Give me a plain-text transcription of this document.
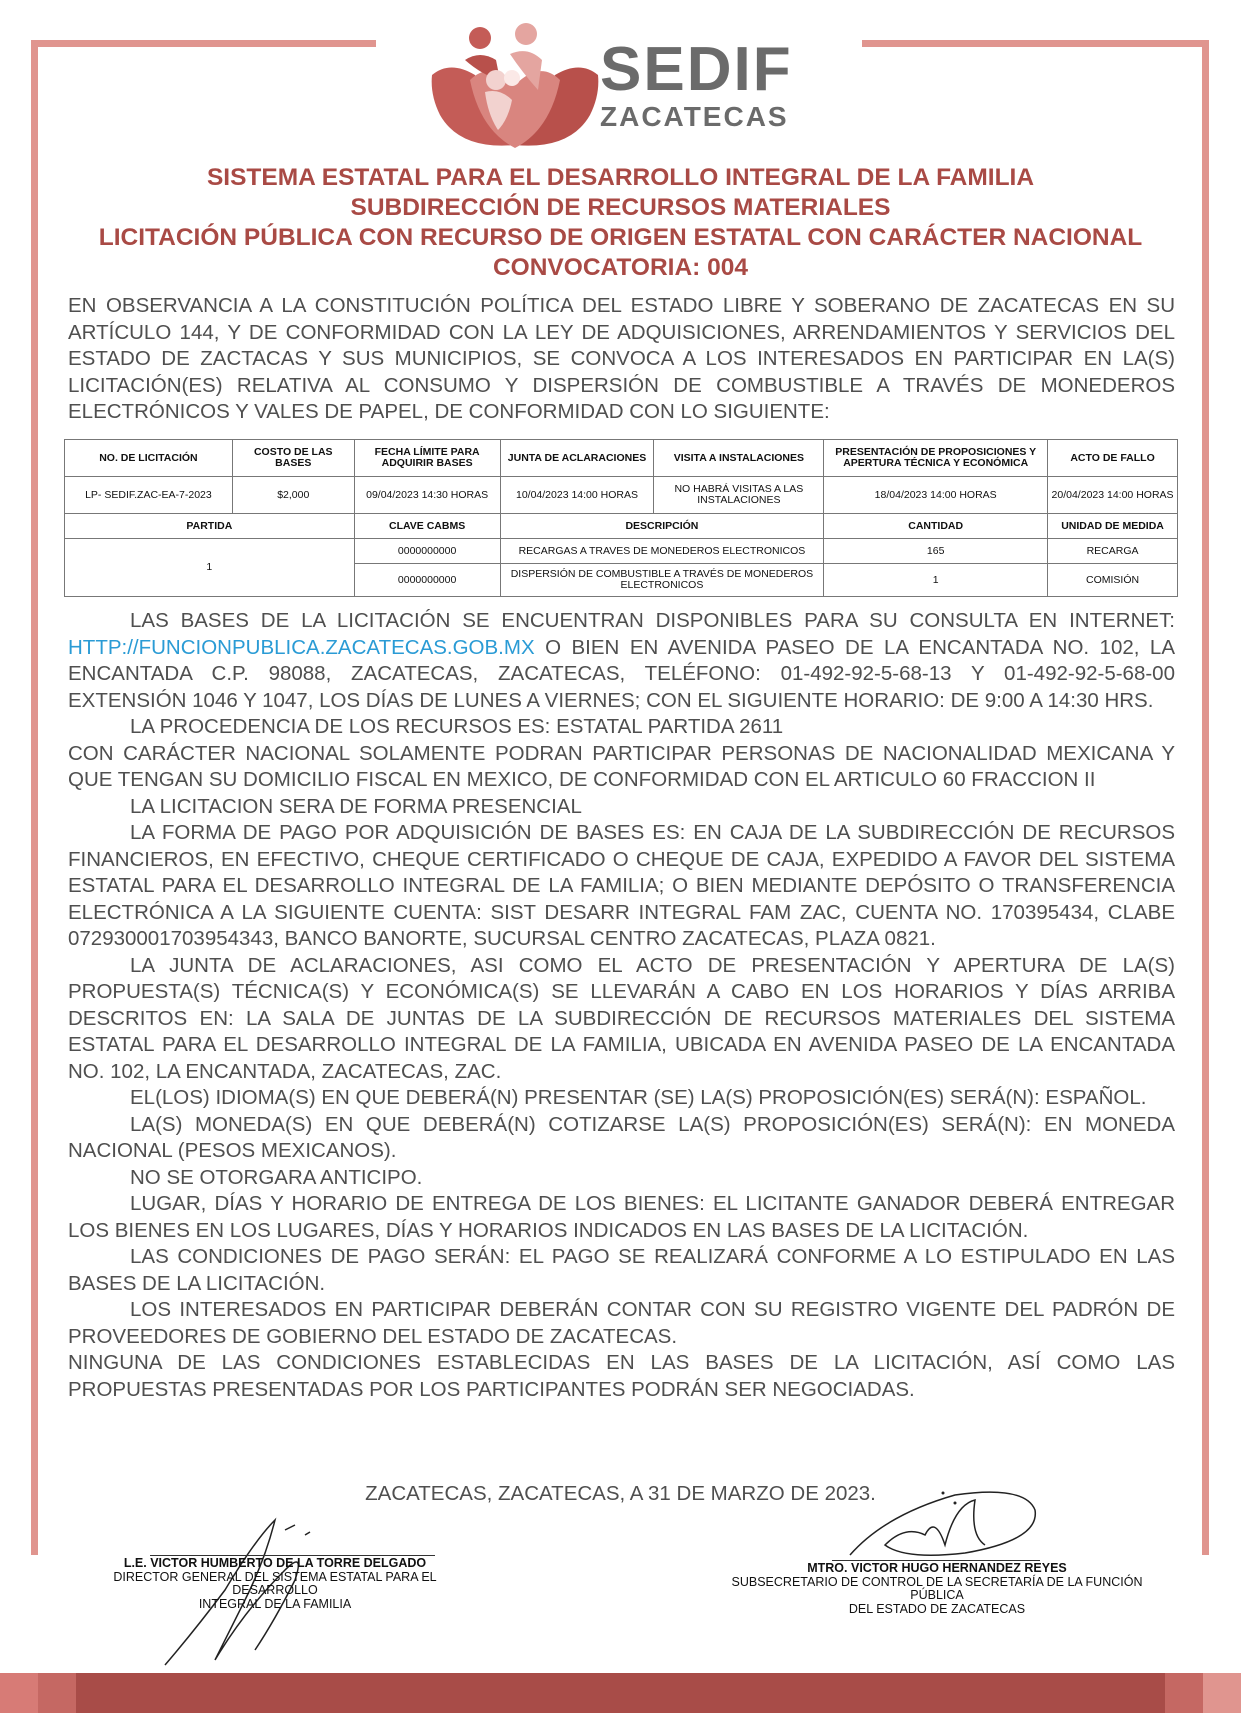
SEDIF
ZACATECAS
SISTEMA ESTATAL PARA EL DESARROLLO INTEGRAL DE LA FAMILIA
SUBDIRECCIÓN DE RECURSOS MATERIALES
LICITACIÓN PÚBLICA CON RECURSO DE ORIGEN ESTATAL CON CARÁCTER NACIONAL
CONVOCATORIA: 004
EN OBSERVANCIA A LA CONSTITUCIÓN POLÍTICA DEL ESTADO LIBRE Y SOBERANO DE ZACATECAS EN SU ARTÍCULO 144, Y DE CONFORMIDAD CON LA LEY DE ADQUISICIONES, ARRENDAMIENTOS Y SERVICIOS DEL ESTADO DE ZACTACAS Y SUS MUNICIPIOS, SE CONVOCA A LOS INTERESADOS EN PARTICIPAR EN LA(S) LICITACIÓN(ES) RELATIVA AL CONSUMO Y DISPERSIÓN DE COMBUSTIBLE A TRAVÉS DE MONEDEROS ELECTRÓNICOS Y VALES DE PAPEL, DE CONFORMIDAD CON LO SIGUIENTE:
NO. DE LICITACIÓN	COSTO DE LAS BASES	FECHA LÍMITE PARA ADQUIRIR BASES	JUNTA DE ACLARACIONES	VISITA A INSTALACIONES	PRESENTACIÓN DE PROPOSICIONES Y APERTURA TÉCNICA Y ECONÓMICA	ACTO DE FALLO
LP- SEDIF.ZAC-EA-7-2023	$2,000	09/04/2023 14:30 HORAS	10/04/2023 14:00 HORAS	NO HABRÁ VISITAS A LAS INSTALACIONES	18/04/2023 14:00 HORAS	20/04/2023 14:00 HORAS
PARTIDA		CLAVE CABMS	DESCRIPCIÓN		CANTIDAD	UNIDAD DE MEDIDA
1		0000000000	RECARGAS A TRAVES DE MONEDEROS ELECTRONICOS		165	RECARGA
		0000000000	DISPERSIÓN DE COMBUSTIBLE A TRAVÉS DE MONEDEROS ELECTRONICOS		1	COMISIÓN

LAS BASES DE LA LICITACIÓN SE ENCUENTRAN DISPONIBLES PARA SU CONSULTA EN INTERNET: HTTP://FUNCIONPUBLICA.ZACATECAS.GOB.MX O BIEN EN AVENIDA PASEO DE LA ENCANTADA NO. 102, LA ENCANTADA C.P. 98088, ZACATECAS, ZACATECAS, TELÉFONO: 01-492-92-5-68-13 Y 01-492-92-5-68-00 EXTENSIÓN 1046 Y 1047, LOS DÍAS DE LUNES A VIERNES; CON EL SIGUIENTE HORARIO: DE 9:00 A 14:30 HRS.

LA PROCEDENCIA DE LOS RECURSOS ES: ESTATAL PARTIDA 2611

CON CARÁCTER NACIONAL SOLAMENTE PODRAN PARTICIPAR PERSONAS DE NACIONALIDAD MEXICANA Y QUE TENGAN SU DOMICILIO FISCAL EN MEXICO, DE CONFORMIDAD CON EL ARTICULO 60 FRACCION II

LA LICITACION SERA DE FORMA PRESENCIAL

LA FORMA DE PAGO POR ADQUISICIÓN DE BASES ES: EN CAJA DE LA SUBDIRECCIÓN DE RECURSOS FINANCIEROS, EN EFECTIVO, CHEQUE CERTIFICADO O CHEQUE DE CAJA, EXPEDIDO A FAVOR DEL SISTEMA ESTATAL PARA EL DESARROLLO INTEGRAL DE LA FAMILIA; O BIEN MEDIANTE DEPÓSITO O TRANSFERENCIA ELECTRÓNICA A LA SIGUIENTE CUENTA: SIST DESARR INTEGRAL FAM ZAC, CUENTA NO. 170395434, CLABE 072930001703954343, BANCO BANORTE, SUCURSAL CENTRO ZACATECAS, PLAZA 0821.

LA JUNTA DE ACLARACIONES, ASI COMO EL ACTO DE PRESENTACIÓN Y APERTURA DE LA(S) PROPUESTA(S) TÉCNICA(S) Y ECONÓMICA(S) SE LLEVARÁN A CABO EN LOS HORARIOS Y DÍAS ARRIBA DESCRITOS EN: LA SALA DE JUNTAS DE LA SUBDIRECCIÓN DE RECURSOS MATERIALES DEL SISTEMA ESTATAL PARA EL DESARROLLO INTEGRAL DE LA FAMILIA, UBICADA EN AVENIDA PASEO DE LA ENCANTADA NO. 102, LA ENCANTADA, ZACATECAS, ZAC.

EL(LOS) IDIOMA(S) EN QUE DEBERÁ(N) PRESENTAR (SE) LA(S) PROPOSICIÓN(ES) SERÁ(N): ESPAÑOL.

LA(S) MONEDA(S) EN QUE DEBERÁ(N) COTIZARSE LA(S) PROPOSICIÓN(ES) SERÁ(N): EN MONEDA NACIONAL (PESOS MEXICANOS).

NO SE OTORGARA ANTICIPO.

LUGAR, DÍAS Y HORARIO DE ENTREGA DE LOS BIENES: EL LICITANTE GANADOR DEBERÁ ENTREGAR LOS BIENES EN LOS LUGARES, DÍAS Y HORARIOS INDICADOS EN LAS BASES DE LA LICITACIÓN.

LAS CONDICIONES DE PAGO SERÁN: EL PAGO SE REALIZARÁ CONFORME A LO ESTIPULADO EN LAS BASES DE LA LICITACIÓN.

LOS INTERESADOS EN PARTICIPAR DEBERÁN CONTAR CON SU REGISTRO VIGENTE DEL PADRÓN DE PROVEEDORES DE GOBIERNO DEL ESTADO DE ZACATECAS.

NINGUNA DE LAS CONDICIONES ESTABLECIDAS EN LAS BASES DE LA LICITACIÓN, ASÍ COMO LAS PROPUESTAS PRESENTADAS POR LOS PARTICIPANTES PODRÁN SER NEGOCIADAS.

ZACATECAS, ZACATECAS, A 31 DE MARZO DE 2023.
L.E. VICTOR HUMBERTO DE LA TORRE DELGADO
DIRECTOR GENERAL DEL SISTEMA ESTATAL PARA EL DESARROLLO
INTEGRAL DE LA FAMILIA
MTRO. VICTOR HUGO HERNANDEZ REYES
SUBSECRETARIO DE CONTROL DE LA SECRETARÍA DE LA FUNCIÓN PÚBLICA
DEL ESTADO DE ZACATECAS
